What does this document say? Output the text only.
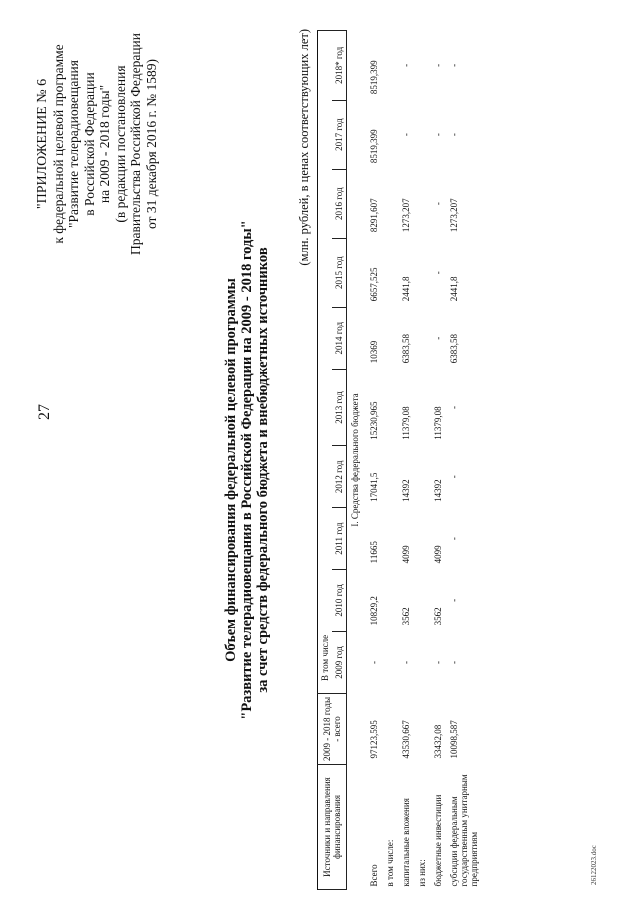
27
26122023.doc
"ПРИЛОЖЕНИЕ № 6 к федеральной целевой программе "Развитие телерадиовещания в Российской Федерации на 2009 - 2018 годы" (в редакции постановления Правительства Российской Федерации от 31 декабря 2016 г. № 1589)
Объем финансирования федеральной целевой программы "Развитие телерадиовещания в Российской Федерации на 2009 - 2018 годы" за счет средств федерального бюджета и внебюджетных источников
(млн. рублей, в ценах соответствующих лет)
Источники и направления финансирования	2009 - 2018 годы - всего	В том числе									
		2009 год	2010 год	2011 год	2012 год	2013 год	2014 год	2015 год	2016 год	2017 год	2018* год
I. Средства федерального бюджета											
Всего	97123,595	-	10829,2	11665	17041,5	15230,965	10369	6657,525	8291,607	8519,399	8519,399
в том числе:											
капитальные вложения	43530,667	-	3562	4099	14392	11379,08	6383,58	2441,8	1273,207	-	-
из них:											
бюджетные инвестиции	33432,08	-	3562	4099	14392	11379,08	-	-	-	-	-
субсидии федеральным государственным унитарным предприятиям	10098,587	-	-	-	-	-	6383,58	2441,8	1273,207	-	-
